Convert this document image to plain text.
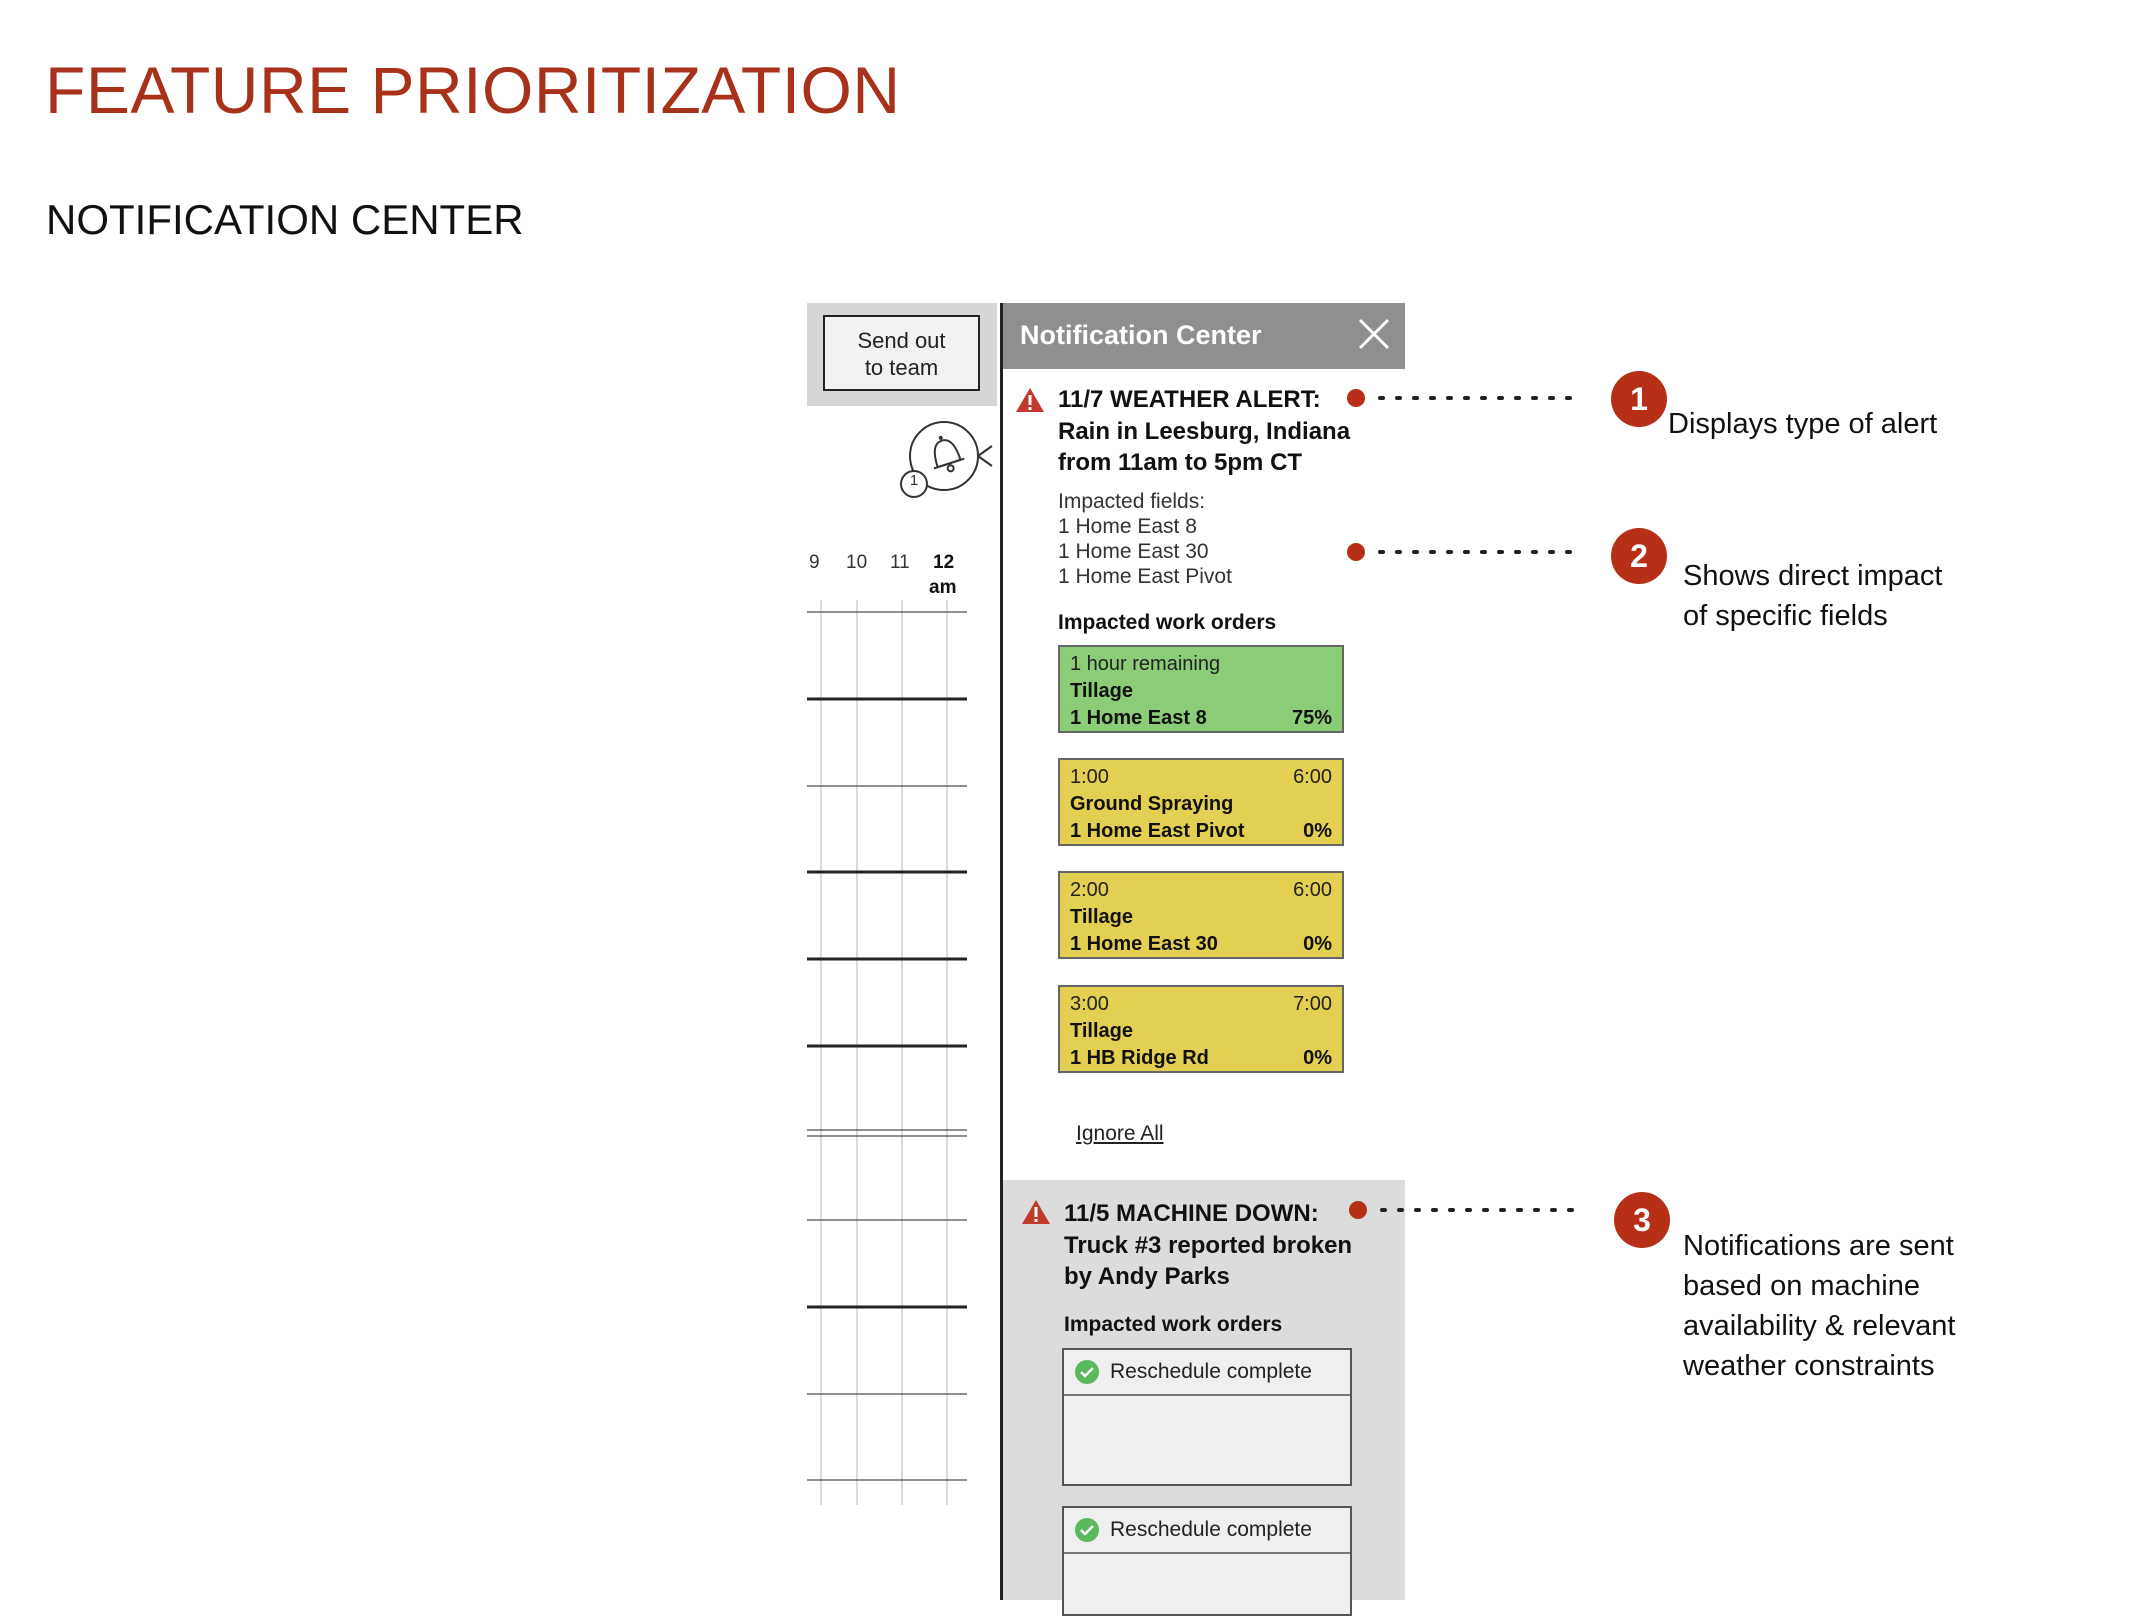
FEATURE PRIORITIZATION
NOTIFICATION CENTER
Send out
to team
1
9 10 11 12
am
Notification Center
11/7 WEATHER ALERT:
Rain in Leesburg, Indiana
from 11am to 5pm CT
Impacted fields:
1 Home East 8
1 Home East 30
1 Home East Pivot
Impacted work orders
1 hour remaining
Tillage
1 Home East 8	75%
1:00	6:00
Ground Spraying
1 Home East Pivot	0%
2:00	6:00
Tillage
1 Home East 30	0%
3:00	7:00
Tillage
1 HB Ridge Rd	0%
Ignore All
11/5 MACHINE DOWN:
Truck #3 reported broken
by Andy Parks
Impacted work orders
Reschedule complete
Reschedule complete
1
Displays type of alert
2
Shows direct impact
of specific fields
3
Notifications are sent
based on machine
availability & relevant
weather constraints
